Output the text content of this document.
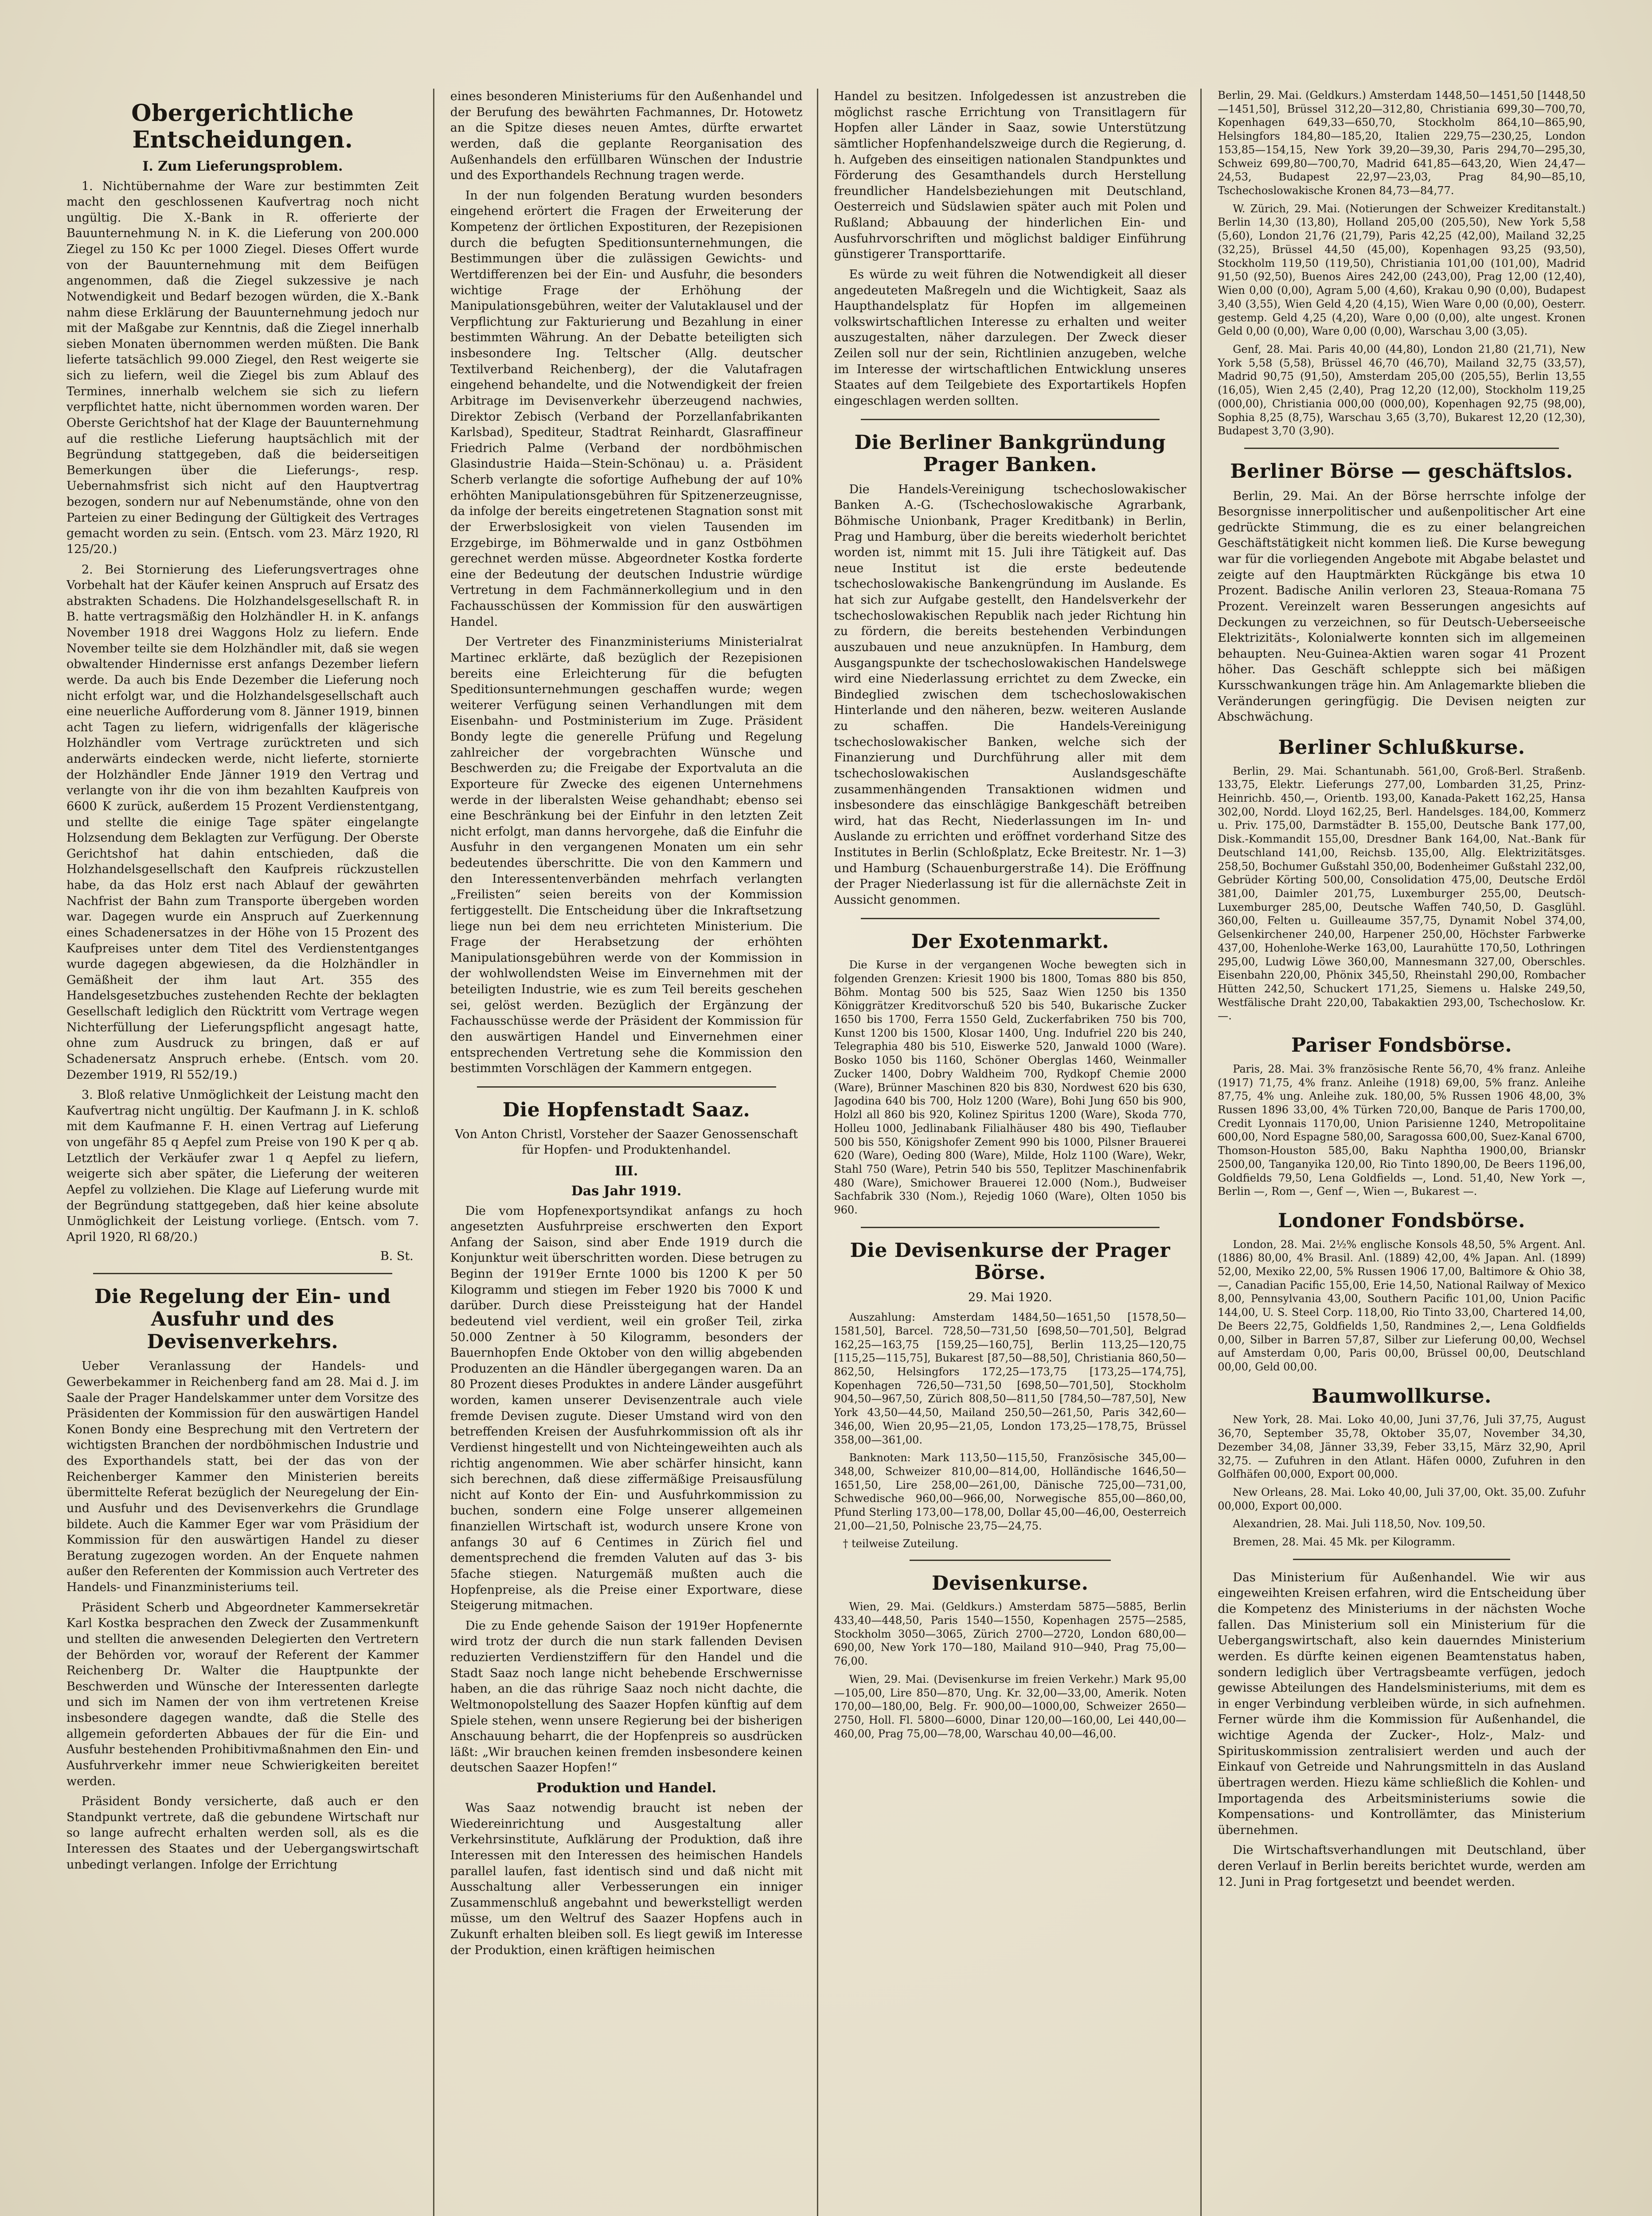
Obergerichtliche Entscheidungen.
I. Zum Lieferungsproblem.

1. Nichtübernahme der Ware zur bestimmten Zeit macht den geschlossenen Kaufvertrag noch nicht ungültig. Die X.-Bank in R. offerierte der Bauunternehmung N. in K. die Lieferung von 200.000 Ziegel zu 150 Kc per 1000 Ziegel. Dieses Offert wurde von der Bauunternehmung mit dem Beifügen angenommen, daß die Ziegel sukzessive je nach Notwendigkeit und Bedarf bezogen würden, die X.-Bank nahm diese Erklärung der Bauunternehmung jedoch nur mit der Maßgabe zur Kenntnis, daß die Ziegel innerhalb sieben Monaten übernommen werden müßten. Die Bank lieferte tatsächlich 99.000 Ziegel, den Rest weigerte sie sich zu liefern, weil die Ziegel bis zum Ablauf des Termines, innerhalb welchem sie sich zu liefern verpflichtet hatte, nicht übernommen worden waren. Der Oberste Gerichtshof hat der Klage der Bauunternehmung auf die restliche Lieferung hauptsächlich mit der Begründung stattgegeben, daß die beiderseitigen Bemerkungen über die Lieferungs-, resp. Uebernahmsfrist sich nicht auf den Hauptvertrag bezogen, sondern nur auf Nebenumstände, ohne von den Parteien zu einer Bedingung der Gültigkeit des Vertrages gemacht worden zu sein. (Entsch. vom 23. März 1920, Rl 125/20.)

2. Bei Stornierung des Lieferungsvertrages ohne Vorbehalt hat der Käufer keinen Anspruch auf Ersatz des abstrakten Schadens. Die Holzhandelsgesellschaft R. in B. hatte vertragsmäßig den Holzhändler H. in K. anfangs November 1918 drei Waggons Holz zu liefern. Ende November teilte sie dem Holzhändler mit, daß sie wegen obwaltender Hindernisse erst anfangs Dezember liefern werde. Da auch bis Ende Dezember die Lieferung noch nicht erfolgt war, und die Holzhandelsgesellschaft auch eine neuerliche Aufforderung vom 8. Jänner 1919, binnen acht Tagen zu liefern, widrigenfalls der klägerische Holzhändler vom Vertrage zurücktreten und sich anderwärts eindecken werde, nicht lieferte, stornierte der Holzhändler Ende Jänner 1919 den Vertrag und verlangte von ihr die von ihm bezahlten Kaufpreis von 6600 K zurück, außerdem 15 Prozent Verdienstentgang, und stellte die einige Tage später eingelangte Holzsendung dem Beklagten zur Verfügung. Der Oberste Gerichtshof hat dahin entschieden, daß die Holzhandelsgesellschaft den Kaufpreis rückzustellen habe, da das Holz erst nach Ablauf der gewährten Nachfrist der Bahn zum Transporte übergeben worden war. Dagegen wurde ein Anspruch auf Zuerkennung eines Schadenersatzes in der Höhe von 15 Prozent des Kaufpreises unter dem Titel des Verdienstentganges wurde dagegen abgewiesen, da die Holzhändler in Gemäßheit der ihm laut Art. 355 des Handelsgesetzbuches zustehenden Rechte der beklagten Gesellschaft lediglich den Rücktritt vom Vertrage wegen Nichterfüllung der Lieferungspflicht angesagt hatte, ohne zum Ausdruck zu bringen, daß er auf Schadenersatz Anspruch erhebe. (Entsch. vom 20. Dezember 1919, Rl 552/19.)

3. Bloß relative Unmöglichkeit der Leistung macht den Kaufvertrag nicht ungültig. Der Kaufmann J. in K. schloß mit dem Kaufmanne F. H. einen Vertrag auf Lieferung von ungefähr 85 q Aepfel zum Preise von 190 K per q ab. Letztlich der Verkäufer zwar 1 q Aepfel zu liefern, weigerte sich aber später, die Lieferung der weiteren Aepfel zu vollziehen. Die Klage auf Lieferung wurde mit der Begründung stattgegeben, daß hier keine absolute Unmöglichkeit der Leistung vorliege. (Entsch. vom 7. April 1920, Rl 68/20.)

B. St.
Die Regelung der Ein- und Ausfuhr und des Devisenverkehrs.

Ueber Veranlassung der Handels- und Gewerbekammer in Reichenberg fand am 28. Mai d. J. im Saale der Prager Handelskammer unter dem Vorsitze des Präsidenten der Kommission für den auswärtigen Handel Konen Bondy eine Besprechung mit den Vertretern der wichtigsten Branchen der nordböhmischen Industrie und des Exporthandels statt, bei der das von der Reichenberger Kammer den Ministerien bereits übermittelte Referat bezüglich der Neuregelung der Ein- und Ausfuhr und des Devisenverkehrs die Grundlage bildete. Auch die Kammer Eger war vom Präsidium der Kommission für den auswärtigen Handel zu dieser Beratung zugezogen worden. An der Enquete nahmen außer den Referenten der Kommission auch Vertreter des Handels- und Finanzministeriums teil.

Präsident Scherb und Abgeordneter Kammersekretär Karl Kostka besprachen den Zweck der Zusammenkunft und stellten die anwesenden Delegierten den Vertretern der Behörden vor, worauf der Referent der Kammer Reichenberg Dr. Walter die Hauptpunkte der Beschwerden und Wünsche der Interessenten darlegte und sich im Namen der von ihm vertretenen Kreise insbesondere dagegen wandte, daß die Stelle des allgemein geforderten Abbaues der für die Ein- und Ausfuhr bestehenden Prohibitivmaßnahmen den Ein- und Ausfuhrverkehr immer neue Schwierigkeiten bereitet werden.

Präsident Bondy versicherte, daß auch er den Standpunkt vertrete, daß die gebundene Wirtschaft nur so lange aufrecht erhalten werden soll, als es die Interessen des Staates und der Uebergangswirtschaft unbedingt verlangen. Infolge der Errichtung

eines besonderen Ministeriums für den Außenhandel und der Berufung des bewährten Fachmannes, Dr. Hotowetz an die Spitze dieses neuen Amtes, dürfte erwartet werden, daß die geplante Reorganisation des Außenhandels den erfüllbaren Wünschen der Industrie und des Exporthandels Rechnung tragen werde.

In der nun folgenden Beratung wurden besonders eingehend erörtert die Fragen der Erweiterung der Kompetenz der örtlichen Expostituren, der Rezepisionen durch die befugten Speditionsunternehmungen, die Bestimmungen über die zulässigen Gewichts- und Wertdifferenzen bei der Ein- und Ausfuhr, die besonders wichtige Frage der Erhöhung der Manipulationsgebühren, weiter der Valutaklausel und der Verpflichtung zur Fakturierung und Bezahlung in einer bestimmten Währung. An der Debatte beteiligten sich insbesondere Ing. Teltscher (Allg. deutscher Textilverband Reichenberg), der die Valutafragen eingehend behandelte, und die Notwendigkeit der freien Arbitrage im Devisenverkehr überzeugend nachwies, Direktor Zebisch (Verband der Porzellanfabrikanten Karlsbad), Spediteur, Stadtrat Reinhardt, Glasraffineur Friedrich Palme (Verband der nordböhmischen Glasindustrie Haida—Stein-Schönau) u. a. Präsident Scherb verlangte die sofortige Aufhebung der auf 10% erhöhten Manipulationsgebühren für Spitzenerzeugnisse, da infolge der bereits eingetretenen Stagnation sonst mit der Erwerbslosigkeit von vielen Tausenden im Erzgebirge, im Böhmerwalde und in ganz Ostböhmen gerechnet werden müsse. Abgeordneter Kostka forderte eine der Bedeutung der deutschen Industrie würdige Vertretung in dem Fachmännerkollegium und in den Fachausschüssen der Kommission für den auswärtigen Handel.

Der Vertreter des Finanzministeriums Ministerialrat Martinec erklärte, daß bezüglich der Rezepisionen bereits eine Erleichterung für die befugten Speditionsunternehmungen geschaffen wurde; wegen weiterer Verfügung seinen Verhandlungen mit dem Eisenbahn- und Postministerium im Zuge. Präsident Bondy legte die generelle Prüfung und Regelung zahlreicher der vorgebrachten Wünsche und Beschwerden zu; die Freigabe der Exportvaluta an die Exporteure für Zwecke des eigenen Unternehmens werde in der liberalsten Weise gehandhabt; ebenso sei eine Beschränkung bei der Einfuhr in den letzten Zeit nicht erfolgt, man danns hervorgehe, daß die Einfuhr die Ausfuhr in den vergangenen Monaten um ein sehr bedeutendes überschritte. Die von den Kammern und den Interessentenverbänden mehrfach verlangten „Freilisten“ seien bereits von der Kommission fertiggestellt. Die Entscheidung über die Inkraftsetzung liege nun bei dem neu errichteten Ministerium. Die Frage der Herabsetzung der erhöhten Manipulationsgebühren werde von der Kommission in der wohlwollendsten Weise im Einvernehmen mit der beteiligten Industrie, wie es zum Teil bereits geschehen sei, gelöst werden. Bezüglich der Ergänzung der Fachausschüsse werde der Präsident der Kommission für den auswärtigen Handel und Einvernehmen einer entsprechenden Vertretung sehe die Kommission den bestimmten Vorschlägen der Kammern entgegen.

Die Hopfenstadt Saaz.
Von Anton Christl, Vorsteher der Saazer Genossenschaft für Hopfen- und Produktenhandel.
III.
Das Jahr 1919.

Die vom Hopfenexportsyndikat anfangs zu hoch angesetzten Ausfuhrpreise erschwerten den Export Anfang der Saison, sind aber Ende 1919 durch die Konjunktur weit überschritten worden. Diese betrugen zu Beginn der 1919er Ernte 1000 bis 1200 K per 50 Kilogramm und stiegen im Feber 1920 bis 7000 K und darüber. Durch diese Preissteigung hat der Handel bedeutend viel verdient, weil ein großer Teil, zirka 50.000 Zentner à 50 Kilogramm, besonders der Bauernhopfen Ende Oktober von den willig abgebenden Produzenten an die Händler übergegangen waren. Da an 80 Prozent dieses Produktes in andere Länder ausgeführt worden, kamen unserer Devisenzentrale auch viele fremde Devisen zugute. Dieser Umstand wird von den betreffenden Kreisen der Ausfuhrkommission oft als ihr Verdienst hingestellt und von Nichteingeweihten auch als richtig angenommen. Wie aber schärfer hinsicht, kann sich berechnen, daß diese ziffermäßige Preisausfülung nicht auf Konto der Ein- und Ausfuhrkommission zu buchen, sondern eine Folge unserer allgemeinen finanziellen Wirtschaft ist, wodurch unsere Krone von anfangs 30 auf 6 Centimes in Zürich fiel und dementsprechend die fremden Valuten auf das 3- bis 5fache stiegen. Naturgemäß mußten auch die Hopfenpreise, als die Preise einer Exportware, diese Steigerung mitmachen.

Die zu Ende gehende Saison der 1919er Hopfenernte wird trotz der durch die nun stark fallenden Devisen reduzierten Verdienstziffern für den Handel und die Stadt Saaz noch lange nicht behebende Erschwernisse haben, an die das rührige Saaz noch nicht dachte, die Weltmonopolstellung des Saazer Hopfen künftig auf dem Spiele stehen, wenn unsere Regierung bei der bisherigen Anschauung beharrt, die der Hopfenpreis so ausdrücken läßt: „Wir brauchen keinen fremden insbesondere keinen deutschen Saazer Hopfen!“

Produktion und Handel.

Was Saaz notwendig braucht ist neben der Wiedereinrichtung und Ausgestaltung aller Verkehrsinstitute, Aufklärung der Produktion, daß ihre Interessen mit den Interessen des heimischen Handels parallel laufen, fast identisch sind und daß nicht mit Ausschaltung aller Verbesserungen ein inniger Zusammenschluß angebahnt und bewerkstelligt werden müsse, um den Weltruf des Saazer Hopfens auch in Zukunft erhalten bleiben soll. Es liegt gewiß im Interesse der Produktion, einen kräftigen heimischen

Handel zu besitzen. Infolgedessen ist anzustreben die möglichst rasche Errichtung von Transitlagern für Hopfen aller Länder in Saaz, sowie Unterstützung sämtlicher Hopfenhandelszweige durch die Regierung, d. h. Aufgeben des einseitigen nationalen Standpunktes und Förderung des Gesamthandels durch Herstellung freundlicher Handelsbeziehungen mit Deutschland, Oesterreich und Südslawien später auch mit Polen und Rußland; Abbauung der hinderlichen Ein- und Ausfuhrvorschriften und möglichst baldiger Einführung günstigerer Transporttarife.

Es würde zu weit führen die Notwendigkeit all dieser angedeuteten Maßregeln und die Wichtigkeit, Saaz als Haupthandelsplatz für Hopfen im allgemeinen volkswirtschaftlichen Interesse zu erhalten und weiter auszugestalten, näher darzulegen. Der Zweck dieser Zeilen soll nur der sein, Richtlinien anzugeben, welche im Interesse der wirtschaftlichen Entwicklung unseres Staates auf dem Teilgebiete des Exportartikels Hopfen eingeschlagen werden sollten.

Die Berliner Bankgründung Prager Banken.

Die Handels-Vereinigung tschechoslowakischer Banken A.-G. (Tschechoslowakische Agrarbank, Böhmische Unionbank, Prager Kreditbank) in Berlin, Prag und Hamburg, über die bereits wiederholt berichtet worden ist, nimmt mit 15. Juli ihre Tätigkeit auf. Das neue Institut ist die erste bedeutende tschechoslowakische Bankengründung im Auslande. Es hat sich zur Aufgabe gestellt, den Handelsverkehr der tschechoslowakischen Republik nach jeder Richtung hin zu fördern, die bereits bestehenden Verbindungen auszubauen und neue anzuknüpfen. In Hamburg, dem Ausgangspunkte der tschechoslowakischen Handelswege wird eine Niederlassung errichtet zu dem Zwecke, ein Bindeglied zwischen dem tschechoslowakischen Hinterlande und den näheren, bezw. weiteren Auslande zu schaffen. Die Handels-Vereinigung tschechoslowakischer Banken, welche sich der Finanzierung und Durchführung aller mit dem tschechoslowakischen Auslandsgeschäfte zusammenhängenden Transaktionen widmen und insbesondere das einschlägige Bankgeschäft betreiben wird, hat das Recht, Niederlassungen im In- und Auslande zu errichten und eröffnet vorderhand Sitze des Institutes in Berlin (Schloßplatz, Ecke Breitestr. Nr. 1—3) und Hamburg (Schauenburgerstraße 14). Die Eröffnung der Prager Niederlassung ist für die allernächste Zeit in Aussicht genommen.

Der Exotenmarkt.

Die Kurse in der vergangenen Woche bewegten sich in folgenden Grenzen: Kriesit 1900 bis 1800, Tomas 880 bis 850, Böhm. Montag 500 bis 525, Saaz Wien 1250 bis 1350 Königgrätzer Kreditvorschuß 520 bis 540, Bukarische Zucker 1650 bis 1700, Ferra 1550 Geld, Zuckerfabriken 750 bis 700, Kunst 1200 bis 1500, Klosar 1400, Ung. Indufriel 220 bis 240, Telegraphia 480 bis 510, Eiswerke 520, Janwald 1000 (Ware). Bosko 1050 bis 1160, Schöner Oberglas 1460, Weinmaller Zucker 1400, Dobry Waldheim 700, Rydkopf Chemie 2000 (Ware), Brünner Maschinen 820 bis 830, Nordwest 620 bis 630, Jagodina 640 bis 700, Holz 1200 (Ware), Bohi Jung 650 bis 900, Holzl all 860 bis 920, Kolinez Spiritus 1200 (Ware), Skoda 770, Holleu 1000, Jedlinabank Filialhäuser 480 bis 490, Tieflauber 500 bis 550, Königshofer Zement 990 bis 1000, Pilsner Brauerei 620 (Ware), Oeding 800 (Ware), Milde, Holz 1100 (Ware), Wekr, Stahl 750 (Ware), Petrin 540 bis 550, Teplitzer Maschinenfabrik 480 (Ware), Smichower Brauerei 12.000 (Nom.), Budweiser Sachfabrik 330 (Nom.), Rejedig 1060 (Ware), Olten 1050 bis 960.

Die Devisenkurse der Prager Börse.
29. Mai 1920.

Auszahlung: Amsterdam 1484,50—1651,50 [1578,50—1581,50], Barcel. 728,50—731,50 [698,50—701,50], Belgrad 162,25—163,75 [159,25—160,75], Berlin 113,25—120,75 [115,25—115,75], Bukarest [87,50—88,50], Christiania 860,50—862,50, Helsingfors 172,25—173,75 [173,25—174,75], Kopenhagen 726,50—731,50 [698,50—701,50], Stockholm 904,50—967,50, Zürich 808,50—811,50 [784,50—787,50], New York 43,50—44,50, Mailand 250,50—261,50, Paris 342,60—346,00, Wien 20,95—21,05, London 173,25—178,75, Brüssel 358,00—361,00.

Banknoten: Mark 113,50—115,50, Französische 345,00—348,00, Schweizer 810,00—814,00, Holländische 1646,50—1651,50, Lire 258,00—261,00, Dänische 725,00—731,00, Schwedische 960,00—966,00, Norwegische 855,00—860,00, Pfund Sterling 173,00—178,00, Dollar 45,00—46,00, Oesterreich 21,00—21,50, Polnische 23,75—24,75.

† teilweise Zuteilung.
Devisenkurse.

Wien, 29. Mai. (Geldkurs.) Amsterdam 5875—5885, Berlin 433,40—448,50, Paris 1540—1550, Kopenhagen 2575—2585, Stockholm 3050—3065, Zürich 2700—2720, London 680,00—690,00, New York 170—180, Mailand 910—940, Prag 75,00—76,00.

Wien, 29. Mai. (Devisenkurse im freien Verkehr.) Mark 95,00—105,00, Lire 850—870, Ung. Kr. 32,00—33,00, Amerik. Noten 170,00—180,00, Belg. Fr. 900,00—1000,00, Schweizer 2650—2750, Holl. Fl. 5800—6000, Dinar 120,00—160,00, Lei 440,00—460,00, Prag 75,00—78,00, Warschau 40,00—46,00.

Berlin, 29. Mai. (Geldkurs.) Amsterdam 1448,50—1451,50 [1448,50—1451,50], Brüssel 312,20—312,80, Christiania 699,30—700,70, Kopenhagen 649,33—650,70, Stockholm 864,10—865,90, Helsingfors 184,80—185,20, Italien 229,75—230,25, London 153,85—154,15, New York 39,20—39,30, Paris 294,70—295,30, Schweiz 699,80—700,70, Madrid 641,85—643,20, Wien 24,47—24,53, Budapest 22,97—23,03, Prag 84,90—85,10, Tschechoslowakische Kronen 84,73—84,77.

W. Zürich, 29. Mai. (Notierungen der Schweizer Kreditanstalt.) Berlin 14,30 (13,80), Holland 205,00 (205,50), New York 5,58 (5,60), London 21,76 (21,79), Paris 42,25 (42,00), Mailand 32,25 (32,25), Brüssel 44,50 (45,00), Kopenhagen 93,25 (93,50), Stockholm 119,50 (119,50), Christiania 101,00 (101,00), Madrid 91,50 (92,50), Buenos Aires 242,00 (243,00), Prag 12,00 (12,40), Wien 0,00 (0,00), Agram 5,00 (4,60), Krakau 0,90 (0,00), Budapest 3,40 (3,55), Wien Geld 4,20 (4,15), Wien Ware 0,00 (0,00), Oesterr. gestemp. Geld 4,25 (4,20), Ware 0,00 (0,00), alte ungest. Kronen Geld 0,00 (0,00), Ware 0,00 (0,00), Warschau 3,00 (3,05).

Genf, 28. Mai. Paris 40,00 (44,80), London 21,80 (21,71), New York 5,58 (5,58), Brüssel 46,70 (46,70), Mailand 32,75 (33,57), Madrid 90,75 (91,50), Amsterdam 205,00 (205,55), Berlin 13,55 (16,05), Wien 2,45 (2,40), Prag 12,20 (12,00), Stockholm 119,25 (000,00), Christiania 000,00 (000,00), Kopenhagen 92,75 (98,00), Sophia 8,25 (8,75), Warschau 3,65 (3,70), Bukarest 12,20 (12,30), Budapest 3,70 (3,90).

Berliner Börse — geschäftslos.

Berlin, 29. Mai. An der Börse herrschte infolge der Besorgnisse innerpolitischer und außenpolitischer Art eine gedrückte Stimmung, die es zu einer belangreichen Geschäftstätigkeit nicht kommen ließ. Die Kurse bewegung war für die vorliegenden Angebote mit Abgabe belastet und zeigte auf den Hauptmärkten Rückgänge bis etwa 10 Prozent. Badische Anilin verloren 23, Steaua-Romana 75 Prozent. Vereinzelt waren Besserungen angesichts auf Deckungen zu verzeichnen, so für Deutsch-Ueberseeische Elektrizitäts-, Kolonialwerte konnten sich im allgemeinen behaupten. Neu-Guinea-Aktien waren sogar 41 Prozent höher. Das Geschäft schleppte sich bei mäßigen Kursschwankungen träge hin. Am Anlagemarkte blieben die Veränderungen geringfügig. Die Devisen neigten zur Abschwächung.

Berliner Schlußkurse.

Berlin, 29. Mai. Schantunabh. 561,00, Groß-Berl. Straßenb. 133,75, Elektr. Lieferungs 277,00, Lombarden 31,25, Prinz-Heinrichb. 450,—, Orientb. 193,00, Kanada-Pakett 162,25, Hansa 302,00, Nordd. Lloyd 162,25, Berl. Handelsges. 184,00, Kommerz u. Priv. 175,00, Darmstädter B. 155,00, Deutsche Bank 177,00, Disk.-Kommandit 155,00, Dresdner Bank 164,00, Nat.-Bank für Deutschland 141,00, Reichsb. 135,00, Allg. Elektrizitätsges. 258,50, Bochumer Gußstahl 350,00, Bodenheimer Gußstahl 232,00, Gebrüder Körting 500,00, Consolidation 475,00, Deutsche Erdöl 381,00, Daimler 201,75, Luxemburger 255,00, Deutsch-Luxemburger 285,00, Deutsche Waffen 740,50, D. Gasglühl. 360,00, Felten u. Guilleaume 357,75, Dynamit Nobel 374,00, Gelsenkirchener 240,00, Harpener 250,00, Höchster Farbwerke 437,00, Hohenlohe-Werke 163,00, Laurahütte 170,50, Lothringen 295,00, Ludwig Löwe 360,00, Mannesmann 327,00, Oberschles. Eisenbahn 220,00, Phönix 345,50, Rheinstahl 290,00, Rombacher Hütten 242,50, Schuckert 171,25, Siemens u. Halske 249,50, Westfälische Draht 220,00, Tabakaktien 293,00, Tschechoslow. Kr. —.

Pariser Fondsbörse.

Paris, 28. Mai. 3% französische Rente 56,70, 4% franz. Anleihe (1917) 71,75, 4% franz. Anleihe (1918) 69,00, 5% franz. Anleihe 87,75, 4% ung. Anleihe zuk. 180,00, 5% Russen 1906 48,00, 3% Russen 1896 33,00, 4% Türken 720,00, Banque de Paris 1700,00, Credit Lyonnais 1170,00, Union Parisienne 1240, Metropolitaine 600,00, Nord Espagne 580,00, Saragossa 600,00, Suez-Kanal 6700, Thomson-Houston 585,00, Baku Naphtha 1900,00, Brianskr 2500,00, Tanganyika 120,00, Rio Tinto 1890,00, De Beers 1196,00, Goldfields 79,50, Lena Goldfields —, Lond. 51,40, New York —, Berlin —, Rom —, Genf —, Wien —, Bukarest —.

Londoner Fondsbörse.

London, 28. Mai. 2½% englische Konsols 48,50, 5% Argent. Anl. (1886) 80,00, 4% Brasil. Anl. (1889) 42,00, 4% Japan. Anl. (1899) 52,00, Mexiko 22,00, 5% Russen 1906 17,00, Baltimore & Ohio 38,—, Canadian Pacific 155,00, Erie 14,50, National Railway of Mexico 8,00, Pennsylvania 43,00, Southern Pacific 101,00, Union Pacific 144,00, U. S. Steel Corp. 118,00, Rio Tinto 33,00, Chartered 14,00, De Beers 22,75, Goldfields 1,50, Randmines 2,—, Lena Goldfields 0,00, Silber in Barren 57,87, Silber zur Lieferung 00,00, Wechsel auf Amsterdam 0,00, Paris 00,00, Brüssel 00,00, Deutschland 00,00, Geld 00,00.

Baumwollkurse.

New York, 28. Mai. Loko 40,00, Juni 37,76, Juli 37,75, August 36,70, September 35,78, Oktober 35,07, November 34,30, Dezember 34,08, Jänner 33,39, Feber 33,15, März 32,90, April 32,75. — Zufuhren in den Atlant. Häfen 0000, Zufuhren in den Golfhäfen 00,000, Export 00,000.

New Orleans, 28. Mai. Loko 40,00, Juli 37,00, Okt. 35,00. Zufuhr 00,000, Export 00,000.

Alexandrien, 28. Mai. Juli 118,50, Nov. 109,50.

Bremen, 28. Mai. 45 Mk. per Kilogramm.

Das Ministerium für Außenhandel. Wie wir aus eingeweihten Kreisen erfahren, wird die Entscheidung über die Kompetenz des Ministeriums in der nächsten Woche fallen. Das Ministerium soll ein Ministerium für die Uebergangswirtschaft, also kein dauerndes Ministerium werden. Es dürfte keinen eigenen Beamtenstatus haben, sondern lediglich über Vertragsbeamte verfügen, jedoch gewisse Abteilungen des Handelsministeriums, mit dem es in enger Verbindung verbleiben würde, in sich aufnehmen. Ferner würde ihm die Kommission für Außenhandel, die wichtige Agenda der Zucker-, Holz-, Malz- und Spirituskommission zentralisiert werden und auch der Einkauf von Getreide und Nahrungsmitteln in das Ausland übertragen werden. Hiezu käme schließlich die Kohlen- und Importagenda des Arbeitsministeriums sowie die Kompensations- und Kontrollämter, das Ministerium übernehmen.

Die Wirtschaftsverhandlungen mit Deutschland, über deren Verlauf in Berlin bereits berichtet wurde, werden am 12. Juni in Prag fortgesetzt und beendet werden.
